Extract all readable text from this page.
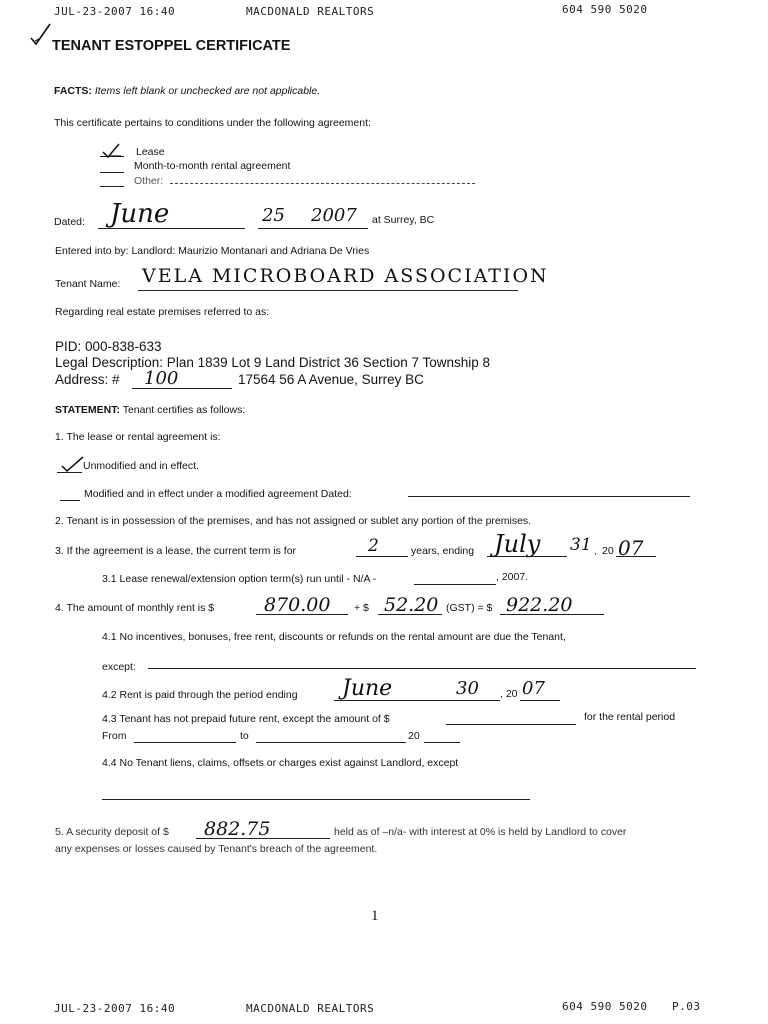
JUL-23-2007 16:40	MACDONALD REALTORS	604 590 5020
TENANT ESTOPPEL CERTIFICATE
FACTS: Items left blank or unchecked are not applicable.
This certificate pertains to conditions under the following agreement:
Lease
Month-to-month rental agreement
Other:
Dated: June	25 2007 at Surrey, BC
Entered into by: Landlord: Maurizio Montanari and Adriana De Vries
Tenant Name: VELA MICROBOARD ASSOCIATION
Regarding real estate premises referred to as:
PID: 000-838-633
Legal Description: Plan 1839 Lot 9 Land District 36 Section 7 Township 8
Address: # 100	17564 56 A Avenue, Surrey BC
STATEMENT: Tenant certifies as follows:
1. The lease or rental agreement is:
Unmodified and in effect.
Modified and in effect under a modified agreement Dated:
2. Tenant is in possession of the premises, and has not assigned or sublet any portion of the premises.
3. If the agreement is a lease, the current term is for	2	years, ending July 31 , 20 07
3.1 Lease renewal/extension option term(s) run until - N/A -	, 2007.
4. The amount of monthly rent is $	870.00 + $ 52.20 (GST) = $ 922.20
4.1 No incentives, bonuses, free rent, discounts or refunds on the rental amount are due the Tenant,
except:
4.2 Rent is paid through the period ending June	30 , 20 07
4.3 Tenant has not prepaid future rent, except the amount of $	for the rental period
From	to	20
4.4 No Tenant liens, claims, offsets or charges exist against Landlord, except
5. A security deposit of $ 882.75	held as of –n/a- with interest at 0% is held by Landlord to cover
any expenses or losses caused by Tenant's breach of the agreement.
1
JUL-23-2007 16:40	MACDONALD REALTORS	604 590 5020 P.03
